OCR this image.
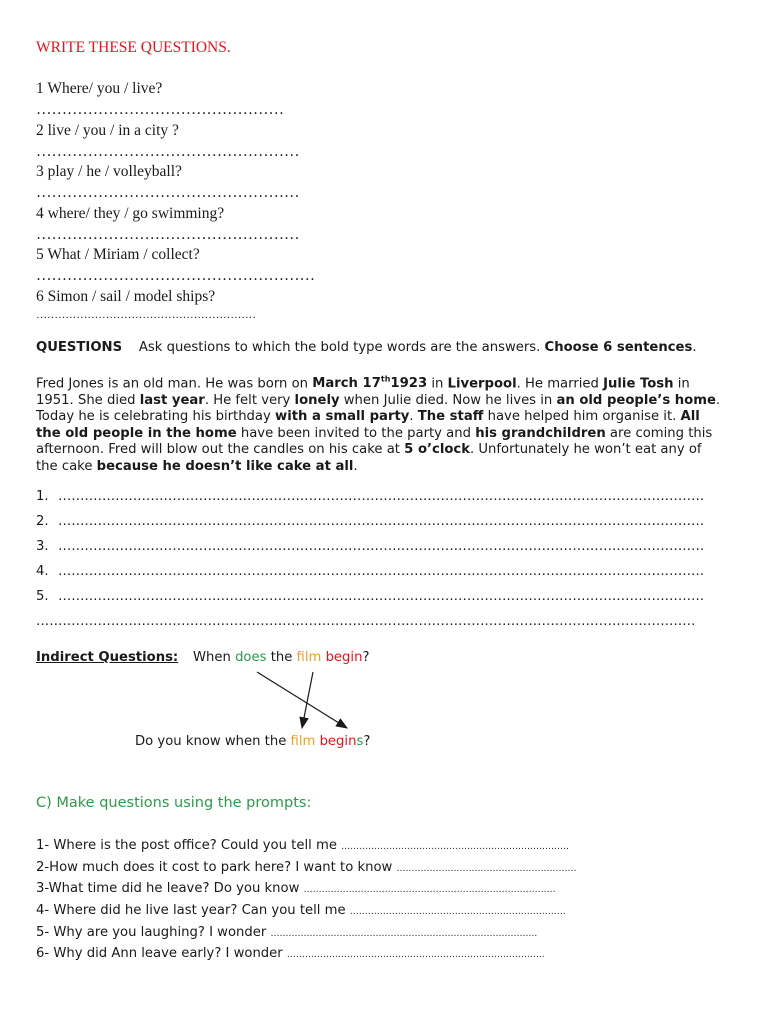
WRITE THESE QUESTIONS.
1 Where/ you / live?
…………………………………………
2 live / you / in a city ?
……………………………………………
3 play / he / volleyball?
……………………………………………
4 where/ they / go swimming?
……………………………………………
5 What / Miriam / collect?
………………………………………………
6 Simon / sail / model ships?
……………………………………………………
QUESTIONS Ask questions to which the bold type words are the answers. Choose 6 sentences.
Fred Jones is an old man. He was born on March 17th1923 in Liverpool. He married Julie Tosh in 1951. She died last year. He felt very lonely when Julie died. Now he lives in an old people’s home. Today he is celebrating his birthday with a small party. The staff have helped him organise it. All the old people in the home have been invited to the party and his grandchildren are coming this afternoon. Fred will blow out the candles on his cake at 5 o’clock. Unfortunately he won’t eat any of the cake because he doesn’t like cake at all.
1. …………………………………………………………………………………………………………………………………
2. …………………………………………………………………………………………………………………………………
3. …………………………………………………………………………………………………………………………………
4. …………………………………………………………………………………………………………………………………
5. …………………………………………………………………………………………………………………………………
……………………………………………………………………………………………………………………………………
Indirect Questions: When does the film begin?
Do you know when the film begins?
C) Make questions using the prompts:
1- Where is the post office? Could you tell me ……………………………………………….…………………
2-How much does it cost to park here? I want to know ……………………………………………………
3-What time did he leave? Do you know …………………………………………………………………………
4- Where did he live last year? Can you tell me ………………………………………………………………
5- Why are you laughing? I wonder ……………………………………………………………………………..
6- Why did Ann leave early? I wonder …………………………………………………………………………..
